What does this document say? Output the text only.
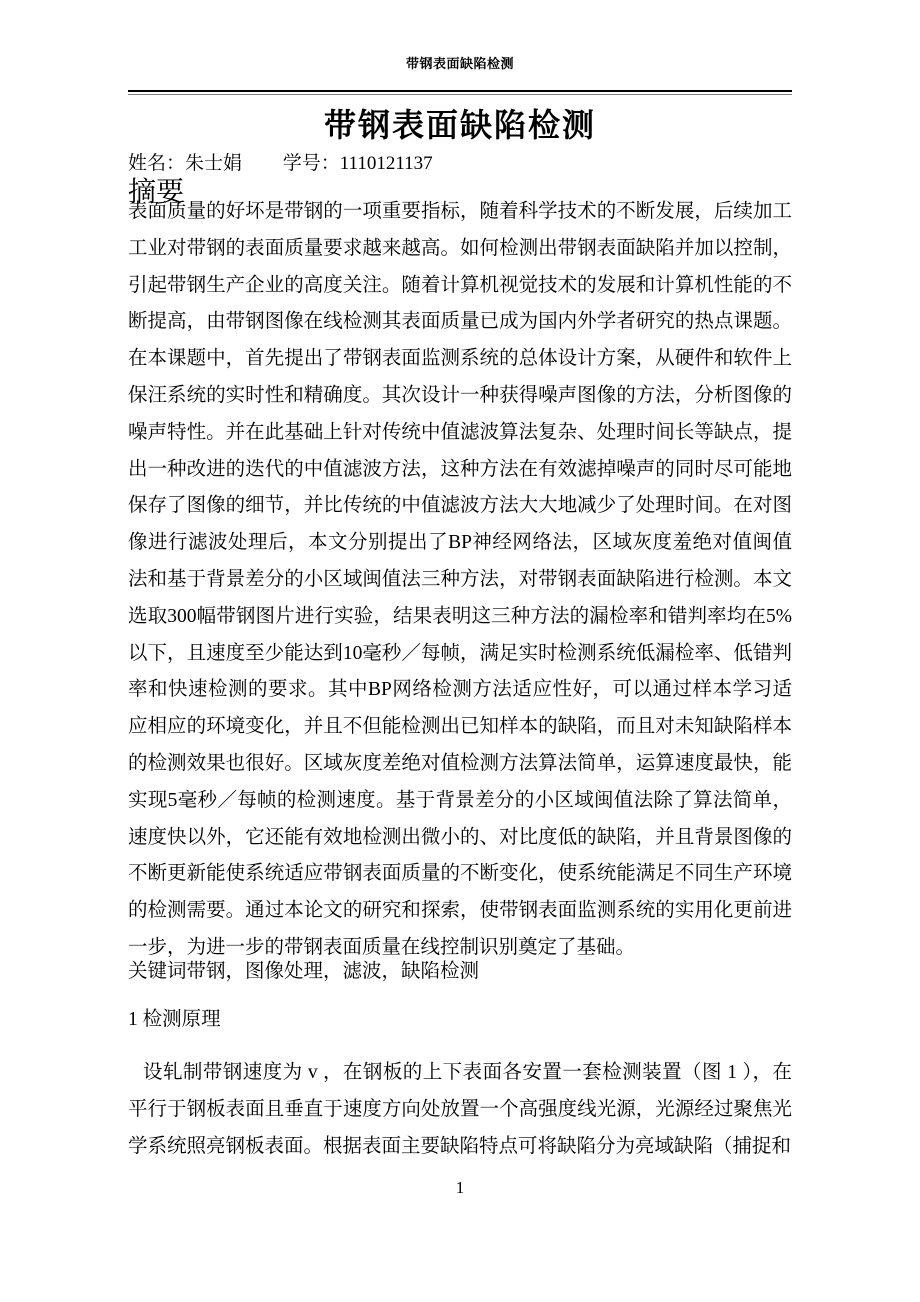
带钢表面缺陷检测
带钢表面缺陷检测
姓名：朱士娟 学号：1110121137
摘要
表面质量的好坏是带钢的一项重要指标，随着科学技术的不断发展，后续加工工业对带钢的表面质量要求越来越高。如何检测出带钢表面缺陷并加以控制，引起带钢生产企业的高度关注。随着计算机视觉技术的发展和计算机性能的不断提高，由带钢图像在线检测其表面质量已成为国内外学者研究的热点课题。在本课题中，首先提出了带钢表面监测系统的总体设计方案，从硬件和软件上保汪系统的实时性和精确度。其次设计一种获得噪声图像的方法，分析图像的噪声特性。并在此基础上针对传统中值滤波算法复杂、处理时间长等缺点，提出一种改进的迭代的中值滤波方法，这种方法在有效滤掉噪声的同时尽可能地保存了图像的细节，并比传统的中值滤波方法大大地减少了处理时间。在对图像进行滤波处理后，本文分别提出了BP神经网络法，区域灰度羞绝对值闽值法和基于背景差分的小区域闽值法三种方法，对带钢表面缺陷进行检测。本文选取300幅带钢图片进行实验，结果表明这三种方法的漏检率和错判率均在5%以下，且速度至少能达到10毫秒／每帧，满足实时检测系统低漏检率、低错判率和快速检测的要求。其中BP网络检测方法适应性好，可以通过样本学习适应相应的环境变化，并且不但能检测出已知样本的缺陷，而且对未知缺陷样本的检测效果也很好。区域灰度差绝对值检测方法算法简单，运算速度最快，能实现5毫秒／每帧的检测速度。基于背景差分的小区域闽值法除了算法简单，速度快以外，它还能有效地检测出微小的、对比度低的缺陷，并且背景图像的不断更新能使系统适应带钢表面质量的不断变化，使系统能满足不同生产环境的检测需要。通过本论文的研究和探索，使带钢表面监测系统的实用化更前进一步，为进一步的带钢表面质量在线控制识别奠定了基础。
关键词带钢，图像处理，滤波，缺陷检测
1 检测原理
设轧制带钢速度为 v ，在钢板的上下表面各安置一套检测装置（图 1 ），在平行于钢板表面且垂直于速度方向处放置一个高强度线光源，光源经过聚焦光学系统照亮钢板表面。根据表面主要缺陷特点可将缺陷分为亮域缺陷（捕捉和
1
